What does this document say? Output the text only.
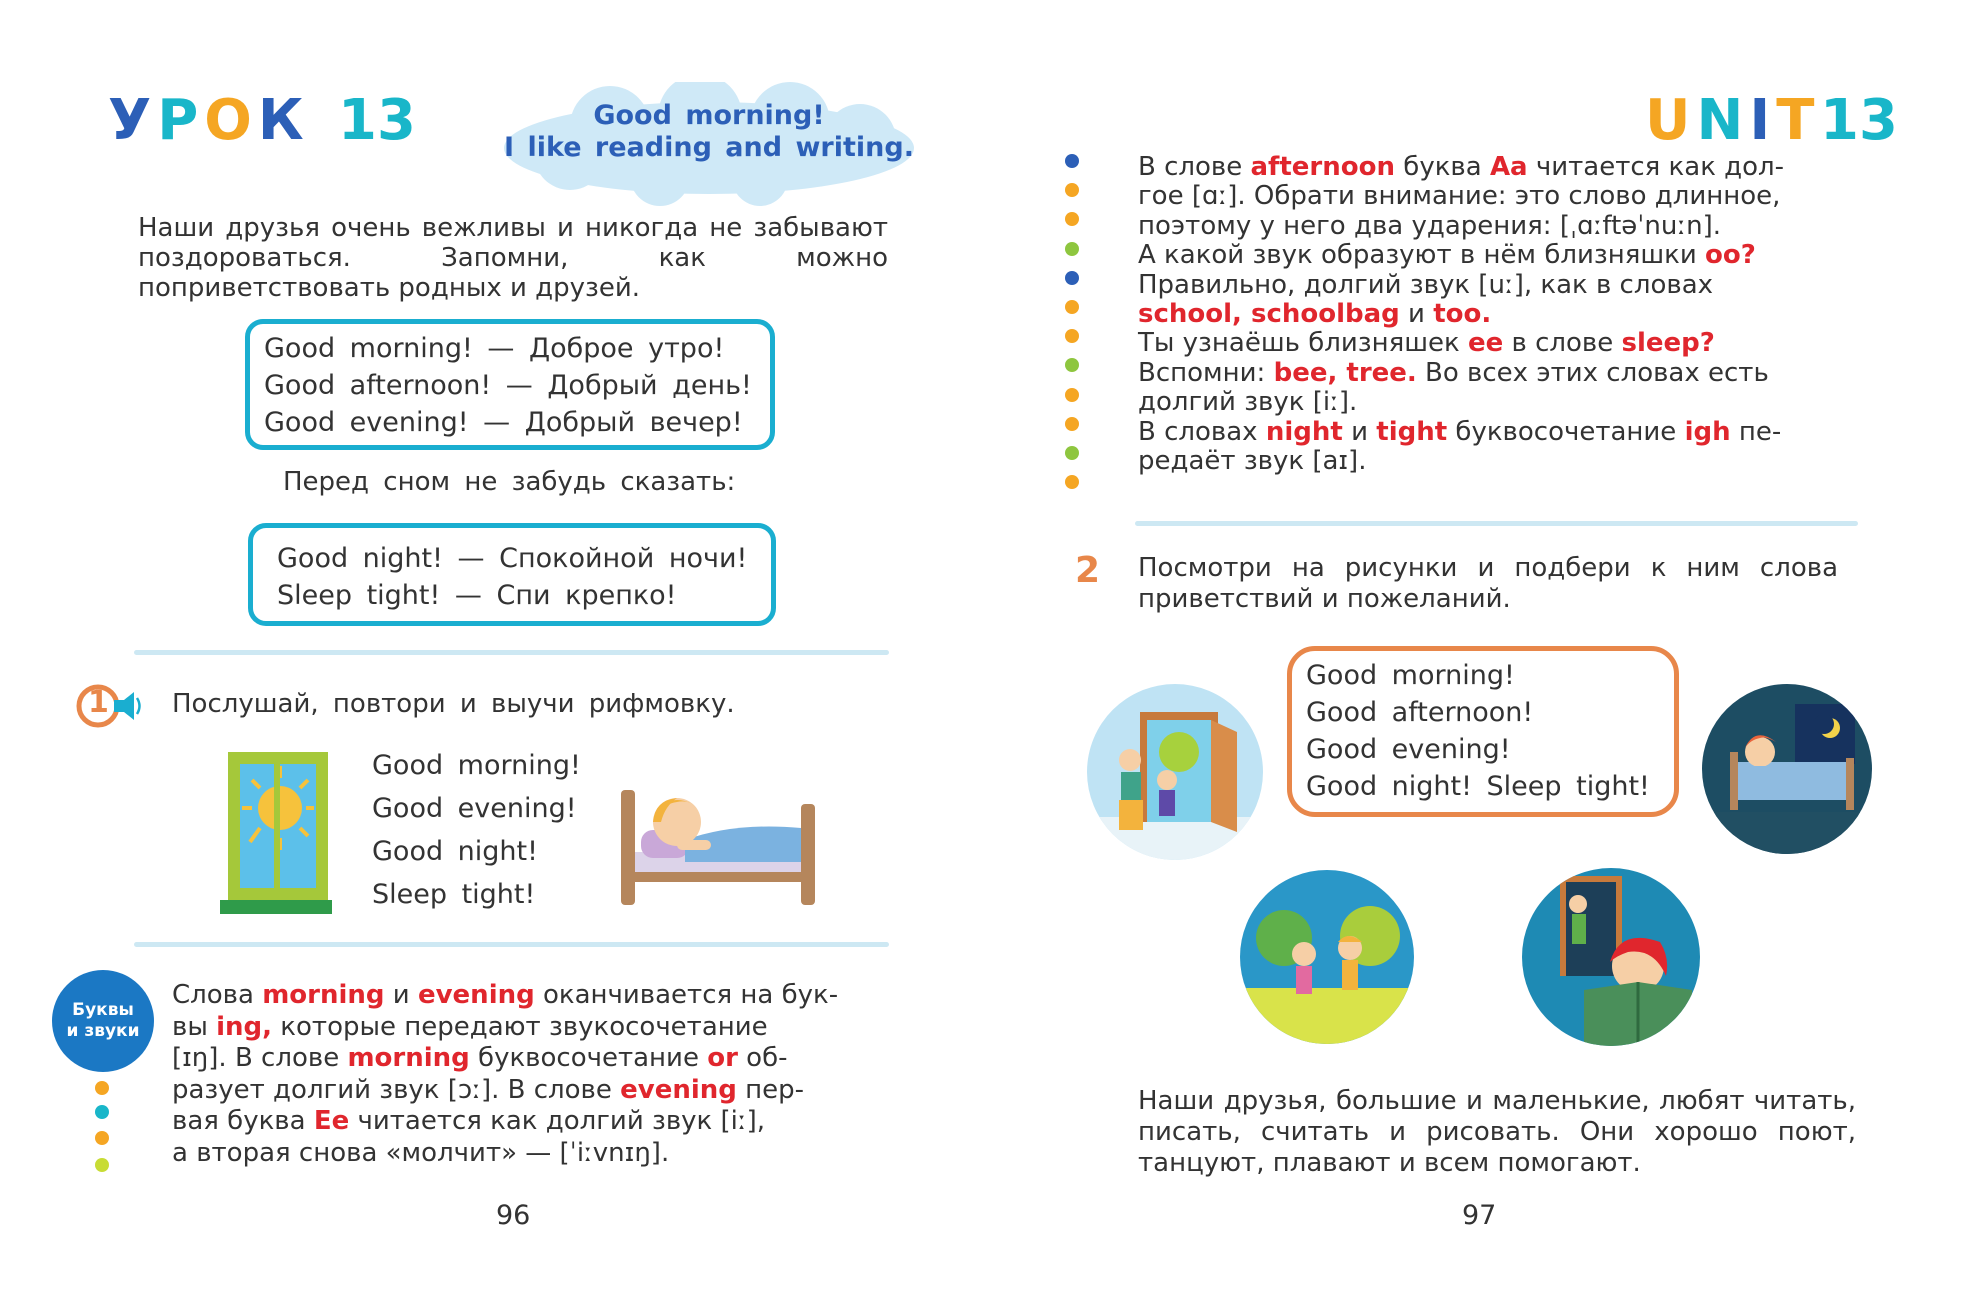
УРОК 13	Good morning!
I like reading and writing.
Наши друзья очень вежливы и никогда не забывают поздороваться. Запомни, как можно поприветствовать родных и друзей.
Good morning! — Доброе утро!
Good afternoon! — Добрый день!
Good evening! — Добрый вечер!
Перед сном не забудь сказать:
Good night! — Спокойной ночи!
Sleep tight! — Спи крепко!
1 Послушай, повтори и выучи рифмовку.
Good morning!
Good evening!
Good night!
Sleep tight!
Буквы
и звуки
Слова morning и evening оканчивается на бук-
вы ing, которые передают звукосочетание
[ɪŋ]. В слове morning буквосочетание or об-
разует долгий звук [ɔː]. В слове evening пер-
вая буква Ee читается как долгий звук [iː],
а вторая снова «молчит» — [ˈiːvnɪŋ].
96
UNIT 13
В слове afternoon буква Aa читается как дол-
гое [ɑː]. Обрати внимание: это слово длинное,
поэтому у него два ударения: [ˌɑːftəˈnuːn].
А какой звук образуют в нём близняшки oo?
Правильно, долгий звук [uː], как в словах
school, schoolbag и too.
Ты узнаёшь близняшек ee в слове sleep?
Вспомни: bee, tree. Во всех этих словах есть
долгий звук [iː].
В словах night и tight буквосочетание igh пе-
редаёт звук [aɪ].
2 Посмотри на рисунки и подбери к ним слова приветствий и пожеланий.
Good morning!
Good afternoon!
Good evening!
Good night! Sleep tight!
Наши друзья, большие и маленькие, любят читать, писать, считать и рисовать. Они хорошо поют, танцуют, плавают и всем помогают.
97
